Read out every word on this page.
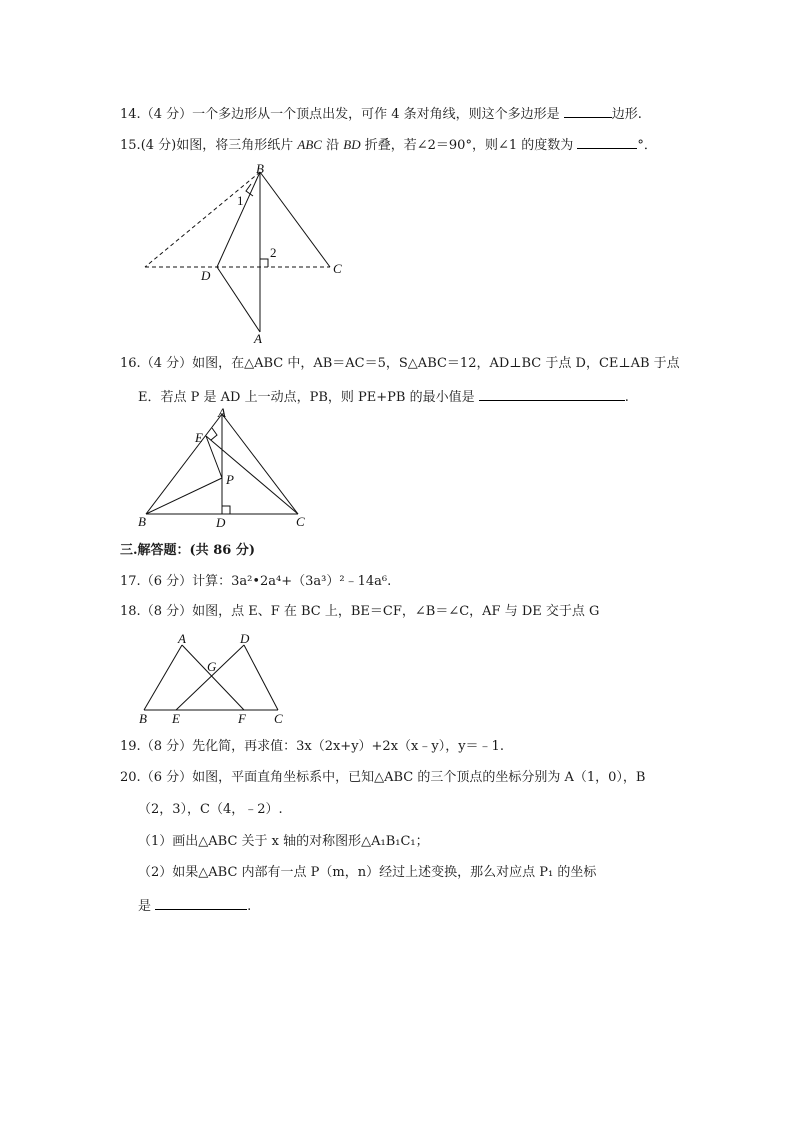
14.（4 分）一个多边形从一个顶点出发，可作 4 条对角线，则这个多边形是	边形.
15.(4 分)如图，将三角形纸片 ABC 沿 BD 折叠，若∠2＝90°，则∠1 的度数为	°．
B
D	C
A
1
2
16.（4 分）如图，在△ABC 中，AB＝AC＝5，S△ABC＝12，AD⊥BC 于点 D，CE⊥AB 于点
E．若点 P 是 AD 上一动点，PB，则 PE+PB 的最小值是	.
A
E
P
B	D	C
三.解答题：(共 86 分)
17.（6 分）计算：3a²•2a⁴+（3a³）²﹣14a⁶.
18.（8 分）如图，点 E、F 在 BC 上，BE＝CF，∠B＝∠C，AF 与 DE 交于点 G
A	D
G
B E	F C
19.（8 分）先化简，再求值：3x（2x+y）+2x（x﹣y），y＝﹣1.
20.（6 分）如图，平面直角坐标系中，已知△ABC 的三个顶点的坐标分别为 A（1，0），B
（2，3），C（4，﹣2）.
（1）画出△ABC 关于 x 轴的对称图形△A₁B₁C₁；
（2）如果△ABC 内部有一点 P（m，n）经过上述变换，那么对应点 P₁ 的坐标
是	.
